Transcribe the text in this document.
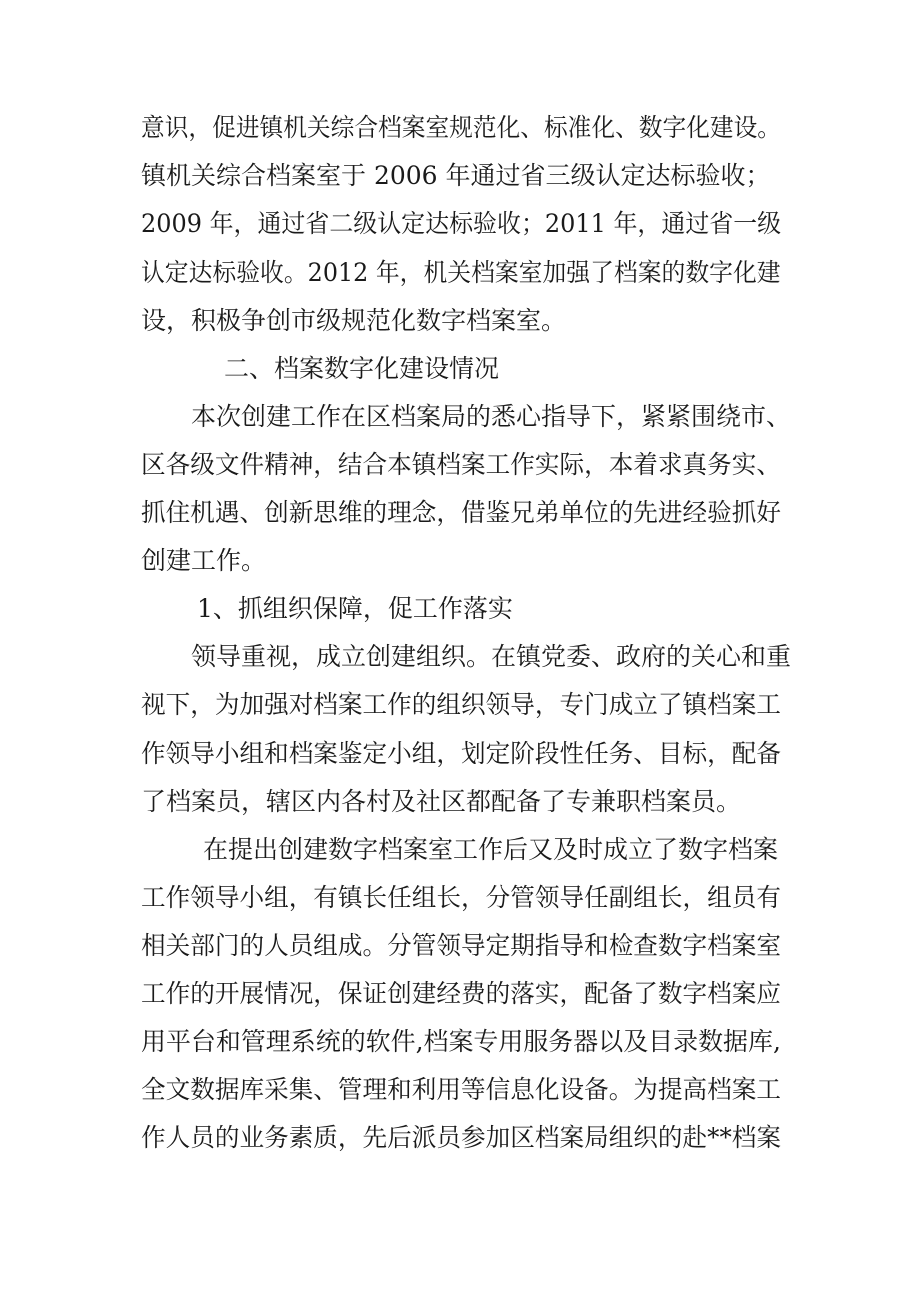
意识，促进镇机关综合档案室规范化、标准化、数字化建设。
镇机关综合档案室于 2006 年通过省三级认定达标验收；
2009 年，通过省二级认定达标验收；2011 年，通过省一级
认定达标验收。2012 年，机关档案室加强了档案的数字化建
设，积极争创市级规范化数字档案室。
二、档案数字化建设情况
本次创建工作在区档案局的悉心指导下，紧紧围绕市、
区各级文件精神，结合本镇档案工作实际，本着求真务实、
抓住机遇、创新思维的理念，借鉴兄弟单位的先进经验抓好
创建工作。
1、抓组织保障，促工作落实
领导重视，成立创建组织。在镇党委、政府的关心和重
视下，为加强对档案工作的组织领导，专门成立了镇档案工
作领导小组和档案鉴定小组，划定阶段性任务、目标，配备
了档案员，辖区内各村及社区都配备了专兼职档案员。
在提出创建数字档案室工作后又及时成立了数字档案
工作领导小组，有镇长任组长，分管领导任副组长，组员有
相关部门的人员组成。分管领导定期指导和检查数字档案室
工作的开展情况，保证创建经费的落实，配备了数字档案应
用平台和管理系统的软件,档案专用服务器以及目录数据库,
全文数据库采集、管理和利用等信息化设备。为提高档案工
作人员的业务素质，先后派员参加区档案局组织的赴**档案
